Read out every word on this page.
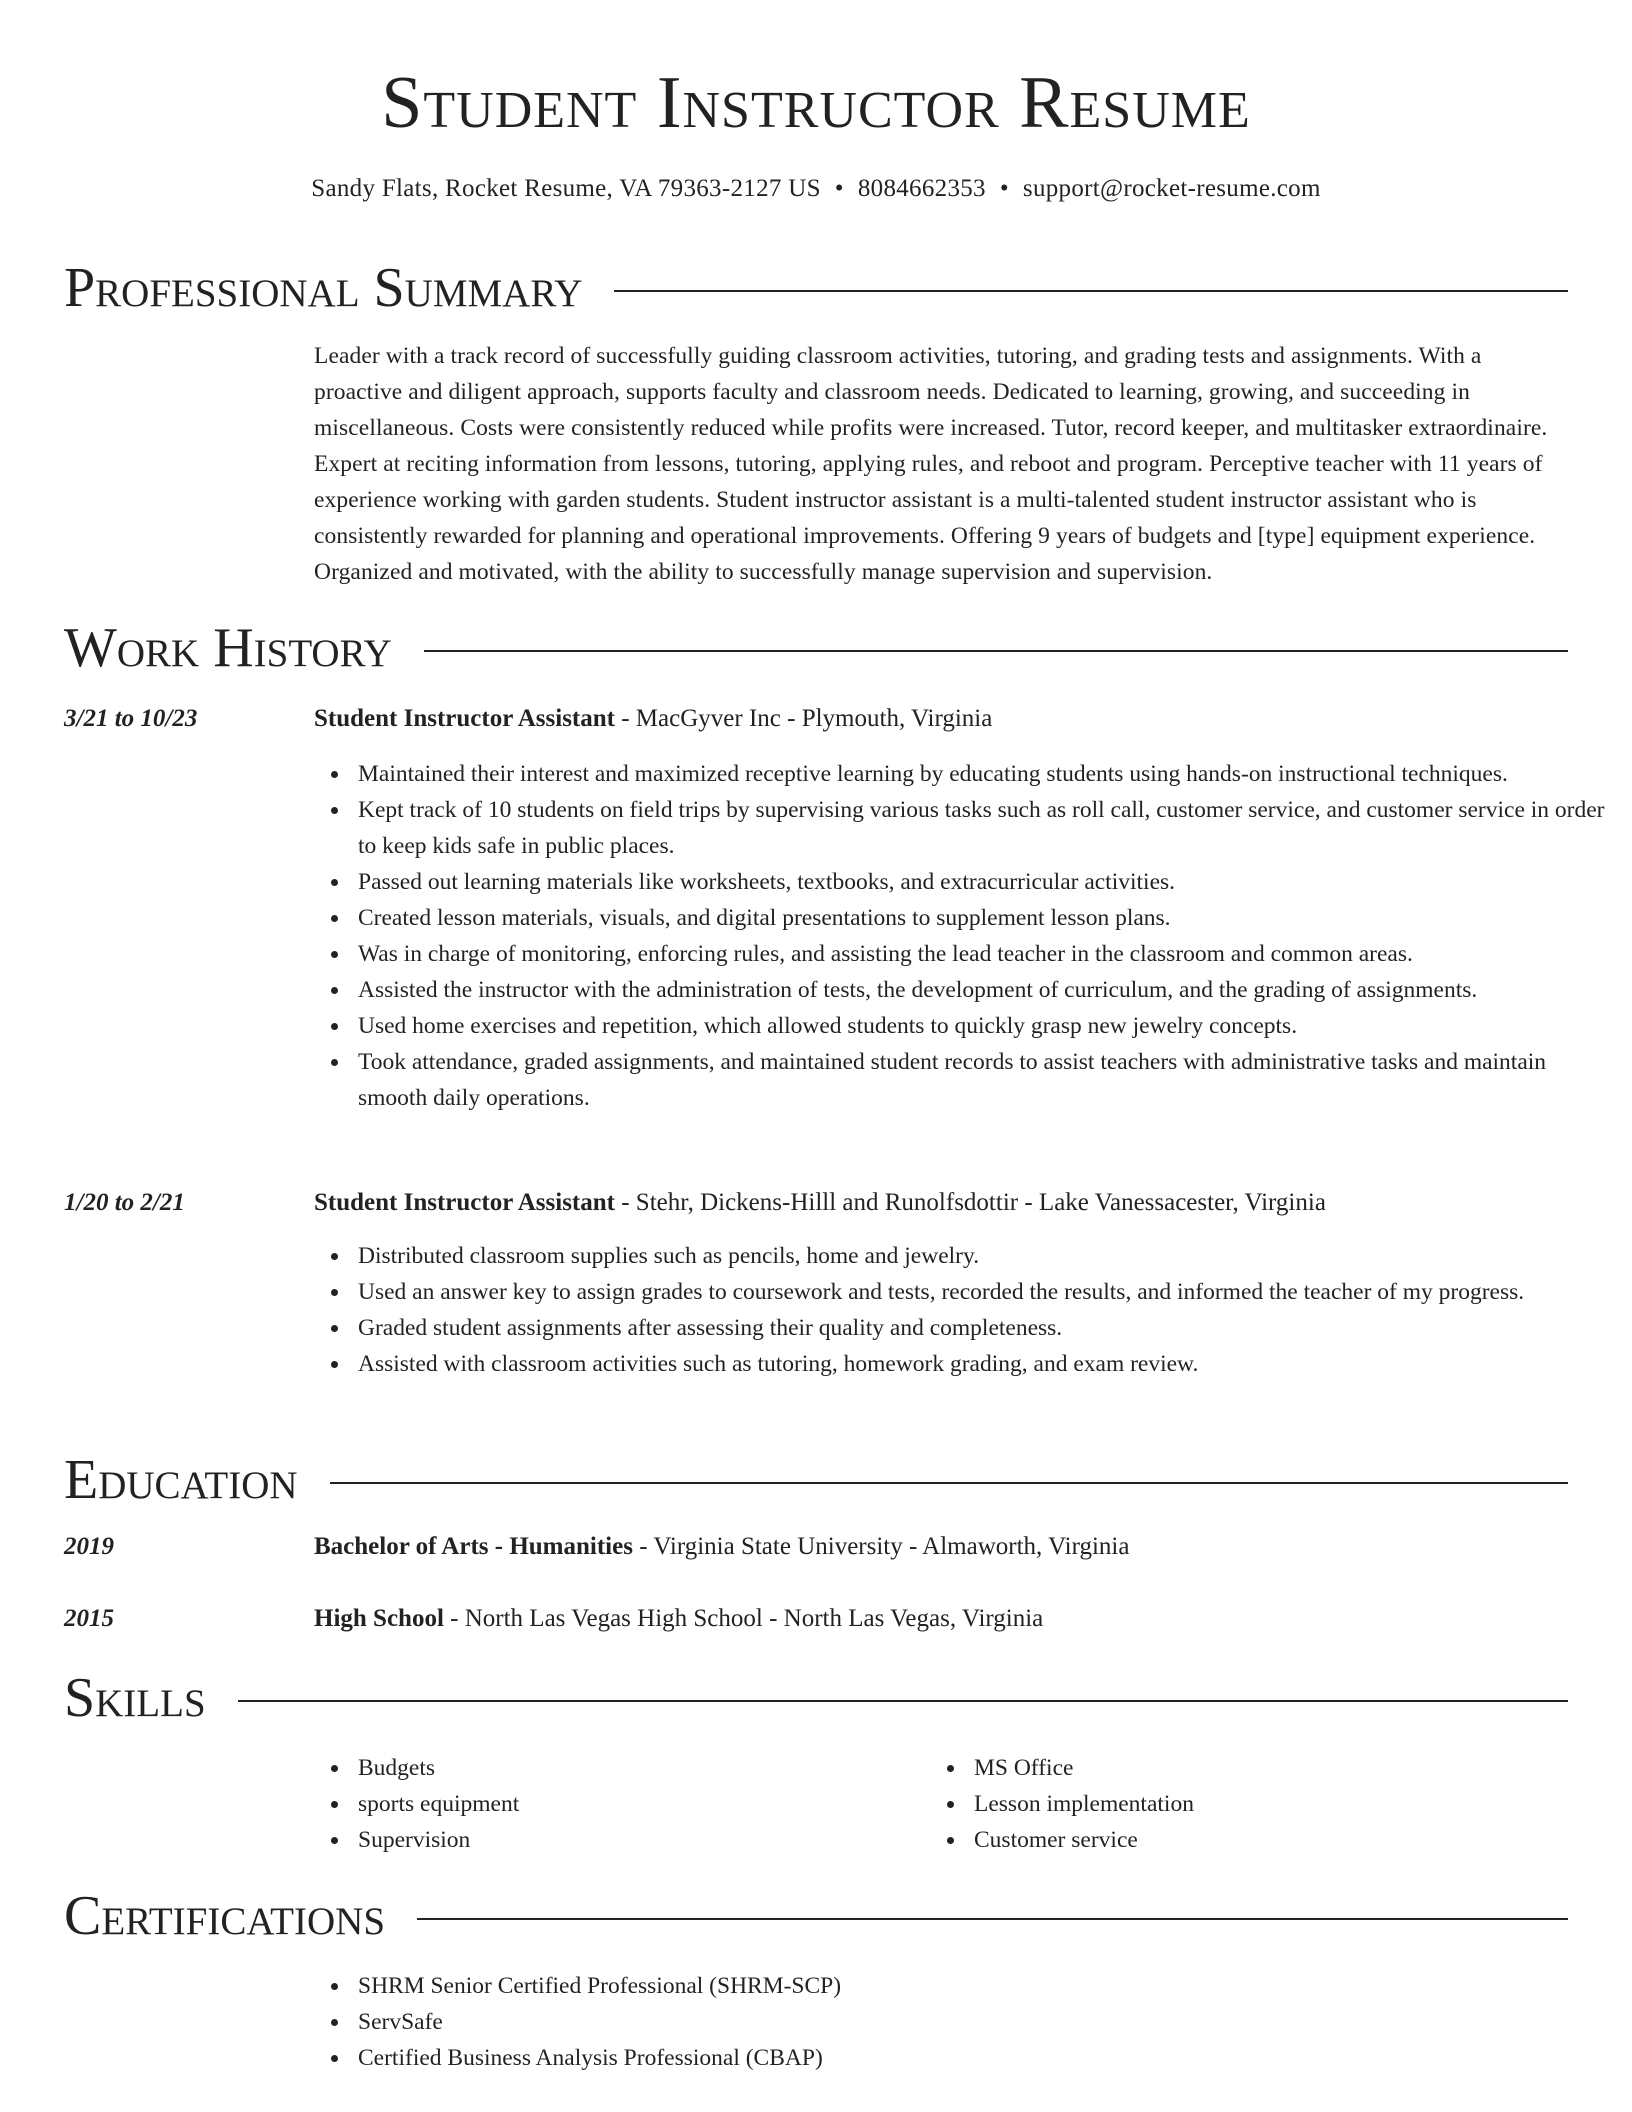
Student Instructor Resume
Sandy Flats, Rocket Resume, VA 79363-2127 US • 8084662353 • support@rocket-resume.com
Professional Summary
Leader with a track record of successfully guiding classroom activities, tutoring, and grading tests and assignments. With a proactive and diligent approach, supports faculty and classroom needs. Dedicated to learning, growing, and succeeding in miscellaneous. Costs were consistently reduced while profits were increased. Tutor, record keeper, and multitasker extraordinaire. Expert at reciting information from lessons, tutoring, applying rules, and reboot and program. Perceptive teacher with 11 years of experience working with garden students. Student instructor assistant is a multi-talented student instructor assistant who is consistently rewarded for planning and operational improvements. Offering 9 years of budgets and [type] equipment experience. Organized and motivated, with the ability to successfully manage supervision and supervision.
Work History
3/21 to 10/23	Student Instructor Assistant - MacGyver Inc - Plymouth, Virginia
Maintained their interest and maximized receptive learning by educating students using hands-on instructional techniques.
Kept track of 10 students on field trips by supervising various tasks such as roll call, customer service, and customer service in order to keep kids safe in public places.
Passed out learning materials like worksheets, textbooks, and extracurricular activities.
Created lesson materials, visuals, and digital presentations to supplement lesson plans.
Was in charge of monitoring, enforcing rules, and assisting the lead teacher in the classroom and common areas.
Assisted the instructor with the administration of tests, the development of curriculum, and the grading of assignments.
Used home exercises and repetition, which allowed students to quickly grasp new jewelry concepts.
Took attendance, graded assignments, and maintained student records to assist teachers with administrative tasks and maintain smooth daily operations.
1/20 to 2/21	Student Instructor Assistant - Stehr, Dickens-Hilll and Runolfsdottir - Lake Vanessacester, Virginia
Distributed classroom supplies such as pencils, home and jewelry.
Used an answer key to assign grades to coursework and tests, recorded the results, and informed the teacher of my progress.
Graded student assignments after assessing their quality and completeness.
Assisted with classroom activities such as tutoring, homework grading, and exam review.
Education
2019	Bachelor of Arts - Humanities - Virginia State University - Almaworth, Virginia
2015	High School - North Las Vegas High School - North Las Vegas, Virginia
Skills
Budgets
sports equipment
Supervision
MS Office
Lesson implementation
Customer service
Certifications
SHRM Senior Certified Professional (SHRM-SCP)
ServSafe
Certified Business Analysis Professional (CBAP)
